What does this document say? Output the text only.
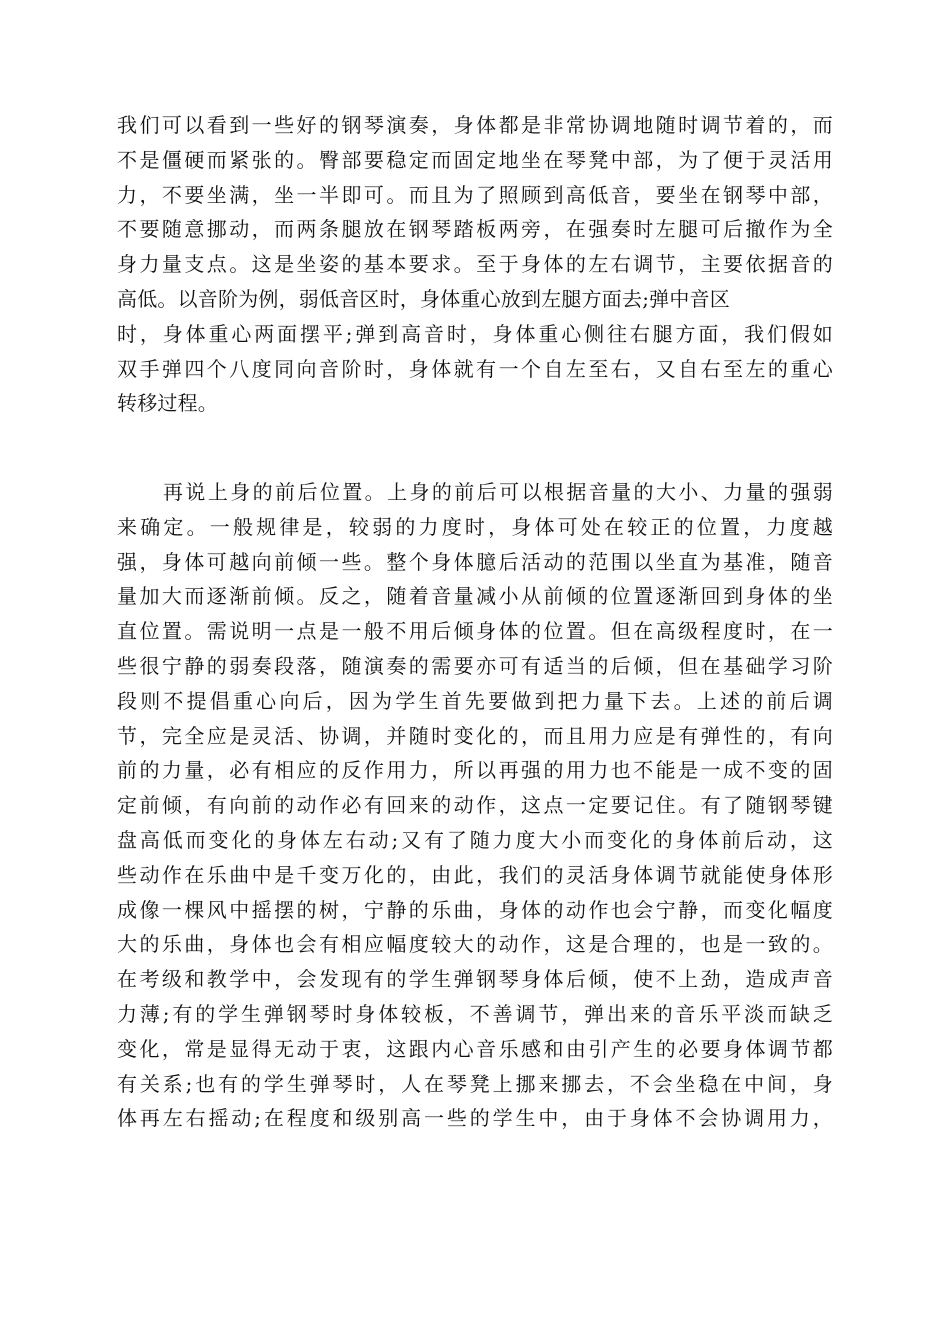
我们可以看到一些好的钢琴演奏，身体都是非常协调地随时调节着的，而
不是僵硬而紧张的。臀部要稳定而固定地坐在琴凳中部，为了便于灵活用
力，不要坐满，坐一半即可。而且为了照顾到高低音，要坐在钢琴中部，
不要随意挪动，而两条腿放在钢琴踏板两旁，在强奏时左腿可后撤作为全
身力量支点。这是坐姿的基本要求。至于身体的左右调节，主要依据音的
高低。以音阶为例，弱低音区时，身体重心放到左腿方面去;弹中音区
时，身体重心两面摆平;弹到高音时，身体重心侧往右腿方面，我们假如
双手弹四个八度同向音阶时，身体就有一个自左至右，又自右至左的重心
转移过程。
再说上身的前后位置。上身的前后可以根据音量的大小、力量的强弱
来确定。一般规律是，较弱的力度时，身体可处在较正的位置，力度越
强，身体可越向前倾一些。整个身体臆后活动的范围以坐直为基准，随音
量加大而逐渐前倾。反之，随着音量减小从前倾的位置逐渐回到身体的坐
直位置。需说明一点是一般不用后倾身体的位置。但在高级程度时，在一
些很宁静的弱奏段落，随演奏的需要亦可有适当的后倾，但在基础学习阶
段则不提倡重心向后，因为学生首先要做到把力量下去。上述的前后调
节，完全应是灵活、协调，并随时变化的，而且用力应是有弹性的，有向
前的力量，必有相应的反作用力，所以再强的用力也不能是一成不变的固
定前倾，有向前的动作必有回来的动作，这点一定要记住。有了随钢琴键
盘高低而变化的身体左右动;又有了随力度大小而变化的身体前后动，这
些动作在乐曲中是千变万化的，由此，我们的灵活身体调节就能使身体形
成像一棵风中摇摆的树，宁静的乐曲，身体的动作也会宁静，而变化幅度
大的乐曲，身体也会有相应幅度较大的动作，这是合理的，也是一致的。
在考级和教学中，会发现有的学生弹钢琴身体后倾，使不上劲，造成声音
力薄;有的学生弹钢琴时身体较板，不善调节，弹出来的音乐平淡而缺乏
变化，常是显得无动于衷，这跟内心音乐感和由引产生的必要身体调节都
有关系;也有的学生弹琴时，人在琴凳上挪来挪去，不会坐稳在中间，身
体再左右摇动;在程度和级别高一些的学生中，由于身体不会协调用力，
